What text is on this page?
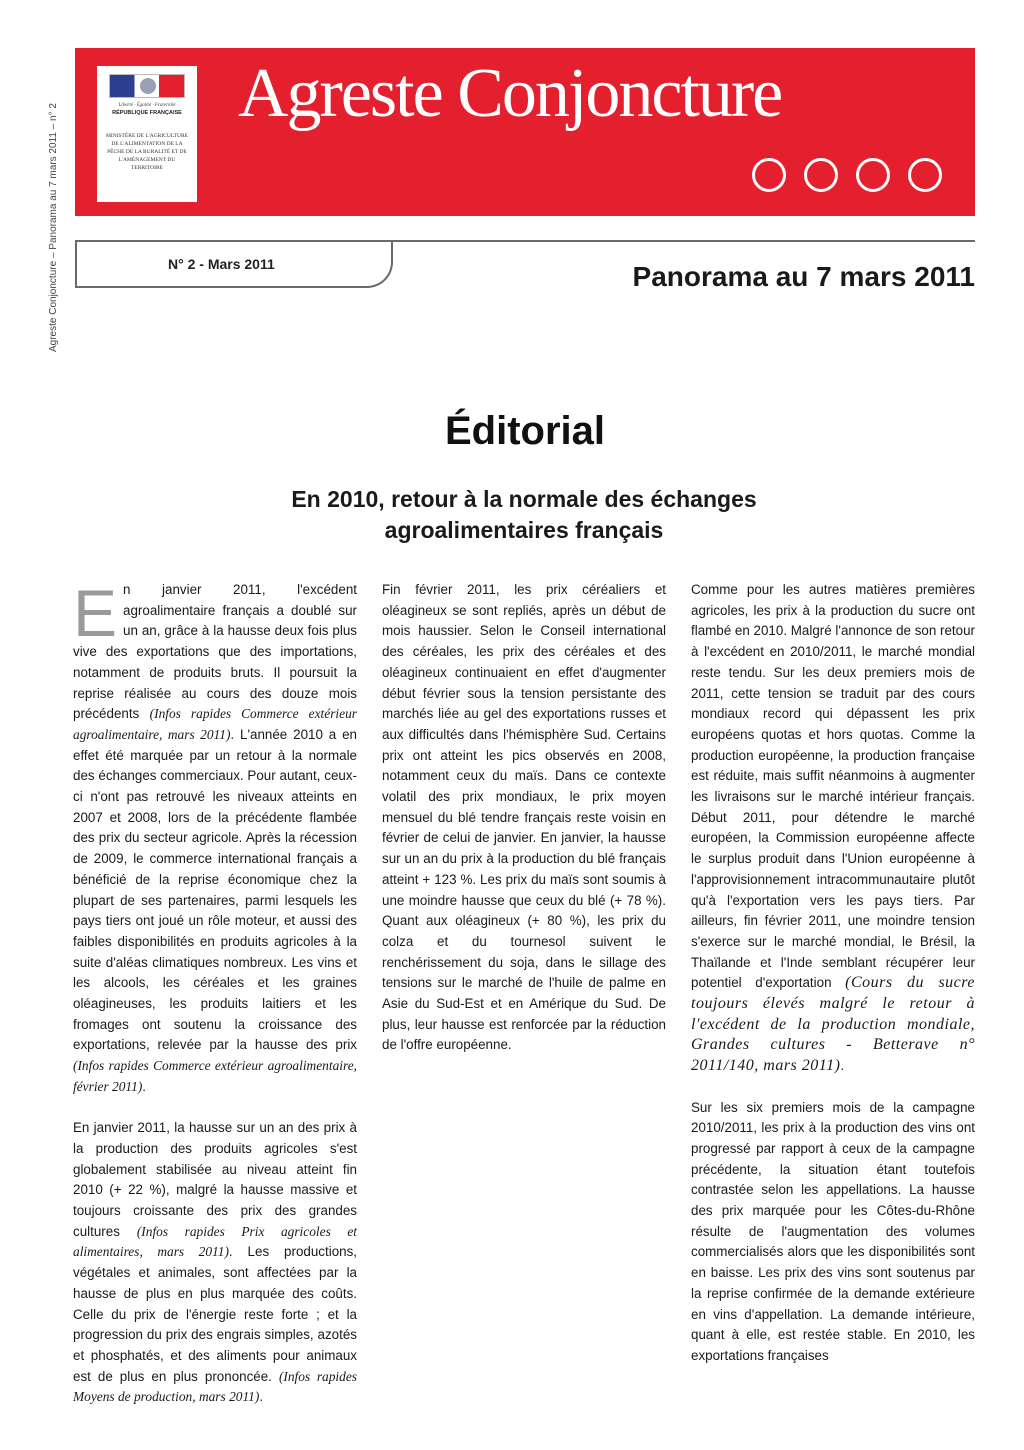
Agreste Conjoncture – Panorama au 7 mars 2011 – n° 2	Liberté · Égalité · Fraternité
RÉPUBLIQUE FRANÇAISE
MINISTÈRE DE L'AGRICULTURE DE L'ALIMENTATION DE LA PÊCHE DE LA RURALITÉ ET DE L'AMÉNAGEMENT DU TERRITOIRE
Agreste Conjoncture
N° 2 - Mars 2011	Panorama au 7 mars 2011
Éditorial
En 2010, retour à la normale des échanges
agroalimentaires français

En janvier 2011, l'excédent agroalimentaire français a doublé sur un an, grâce à la hausse deux fois plus vive des exportations que des importations, notamment de produits bruts. Il poursuit la reprise réalisée au cours des douze mois précédents (Infos rapides Commerce extérieur agroalimentaire, mars 2011). L'année 2010 a en effet été marquée par un retour à la normale des échanges commerciaux. Pour autant, ceux-ci n'ont pas retrouvé les niveaux atteints en 2007 et 2008, lors de la précédente flambée des prix du secteur agricole. Après la récession de 2009, le commerce international français a bénéficié de la reprise économique chez la plupart de ses partenaires, parmi lesquels les pays tiers ont joué un rôle moteur, et aussi des faibles disponibilités en produits agricoles à la suite d'aléas climatiques nombreux. Les vins et les alcools, les céréales et les graines oléagineuses, les produits laitiers et les fromages ont soutenu la croissance des exportations, relevée par la hausse des prix (Infos rapides Commerce extérieur agroalimentaire, février 2011).

En janvier 2011, la hausse sur un an des prix à la production des produits agricoles s'est globalement stabilisée au niveau atteint fin 2010 (+ 22 %), malgré la hausse massive et toujours croissante des prix des grandes cultures (Infos rapides Prix agricoles et alimentaires, mars 2011). Les productions, végétales et animales, sont affectées par la hausse de plus en plus marquée des coûts. Celle du prix de l'énergie reste forte ; et la progression du prix des engrais simples, azotés et phosphatés, et des aliments pour animaux est de plus en plus prononcée. (Infos rapides Moyens de production, mars 2011).

Fin février 2011, les prix céréaliers et oléagineux se sont repliés, après un début de mois haussier. Selon le Conseil international des céréales, les prix des céréales et des oléagineux continuaient en effet d'augmenter début février sous la tension persistante des marchés liée au gel des exportations russes et aux difficultés dans l'hémisphère Sud. Certains prix ont atteint les pics observés en 2008, notamment ceux du maïs. Dans ce contexte volatil des prix mondiaux, le prix moyen mensuel du blé tendre français reste voisin en février de celui de janvier. En janvier, la hausse sur un an du prix à la production du blé français atteint + 123 %. Les prix du maïs sont soumis à une moindre hausse que ceux du blé (+ 78 %). Quant aux oléagineux (+ 80 %), les prix du colza et du tournesol suivent le renchérissement du soja, dans le sillage des tensions sur le marché de l'huile de palme en Asie du Sud-Est et en Amérique du Sud. De plus, leur hausse est renforcée par la réduction de l'offre européenne.

Comme pour les autres matières premières agricoles, les prix à la production du sucre ont flambé en 2010. Malgré l'annonce de son retour à l'excédent en 2010/2011, le marché mondial reste tendu. Sur les deux premiers mois de 2011, cette tension se traduit par des cours mondiaux record qui dépassent les prix européens quotas et hors quotas. Comme la production européenne, la production française est réduite, mais suffit néanmoins à augmenter les livraisons sur le marché intérieur français. Début 2011, pour détendre le marché européen, la Commission européenne affecte le surplus produit dans l'Union européenne à l'approvisionnement intracommunautaire plutôt qu'à l'exportation vers les pays tiers. Par ailleurs, fin février 2011, une moindre tension s'exerce sur le marché mondial, le Brésil, la Thaïlande et l'Inde semblant récupérer leur potentiel d'exportation (Cours du sucre toujours élevés malgré le retour à l'excédent de la production mondiale, Grandes cultures - Betterave n° 2011/140, mars 2011).

Sur les six premiers mois de la campagne 2010/2011, les prix à la production des vins ont progressé par rapport à ceux de la campagne précédente, la situation étant toutefois contrastée selon les appellations. La hausse des prix marquée pour les Côtes-du-Rhône résulte de l'augmentation des volumes commercialisés alors que les disponibilités sont en baisse. Les prix des vins sont soutenus par la reprise confirmée de la demande extérieure en vins d'appellation. La demande intérieure, quant à elle, est restée stable. En 2010, les exportations françaises
